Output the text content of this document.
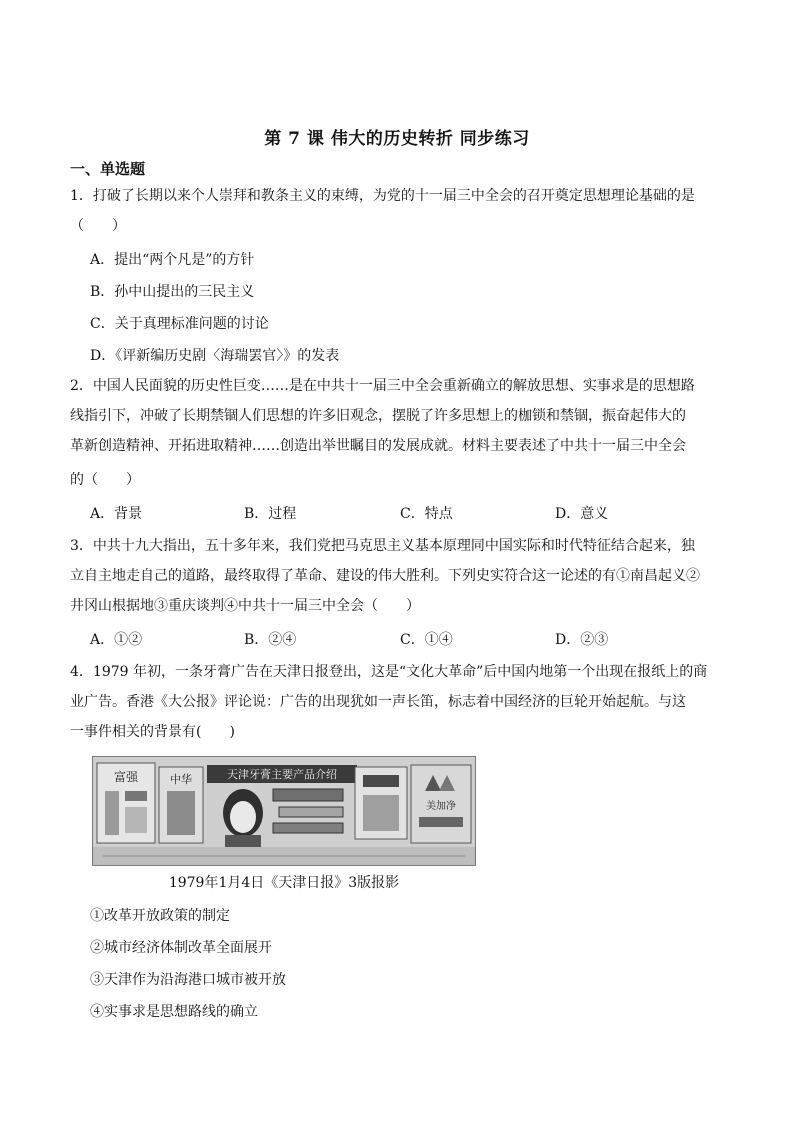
第 7 课 伟大的历史转折 同步练习
一、单选题
1．打破了长期以来个人崇拜和教条主义的束缚，为党的十一届三中全会的召开奠定思想理论基础的是
（　　）
A．提出“两个凡是”的方针
B．孙中山提出的三民主义
C．关于真理标准问题的讨论
D．《评新编历史剧〈海瑞罢官〉》的发表
2．中国人民面貌的历史性巨变……是在中共十一届三中全会重新确立的解放思想、实事求是的思想路
线指引下，冲破了长期禁锢人们思想的许多旧观念，摆脱了许多思想上的枷锁和禁锢，振奋起伟大的
革新创造精神、开拓进取精神……创造出举世瞩目的发展成就。材料主要表述了中共十一届三中全会
的（　　）
A．背景	B．过程	C．特点	D．意义
3．中共十九大指出，五十多年来，我们党把马克思主义基本原理同中国实际和时代特征结合起来，独
立自主地走自己的道路，最终取得了革命、建设的伟大胜利。下列史实符合这一论述的有①南昌起义②
井冈山根据地③重庆谈判④中共十一届三中全会（　　）
A．①②	B．②④	C．①④	D．②③
4．1979 年初，一条牙膏广告在天津日报登出，这是“文化大革命”后中国内地第一个出现在报纸上的商
业广告。香港《大公报》评论说：广告的出现犹如一声长笛，标志着中国经济的巨轮开始起航。与这
一事件相关的背景有(　　)
富强	中华	天津牙膏主要产品介绍
美加净
1979年1月4日《天津日报》3版报影
①改革开放政策的制定
②城市经济体制改革全面展开
③天津作为沿海港口城市被开放
④实事求是思想路线的确立
